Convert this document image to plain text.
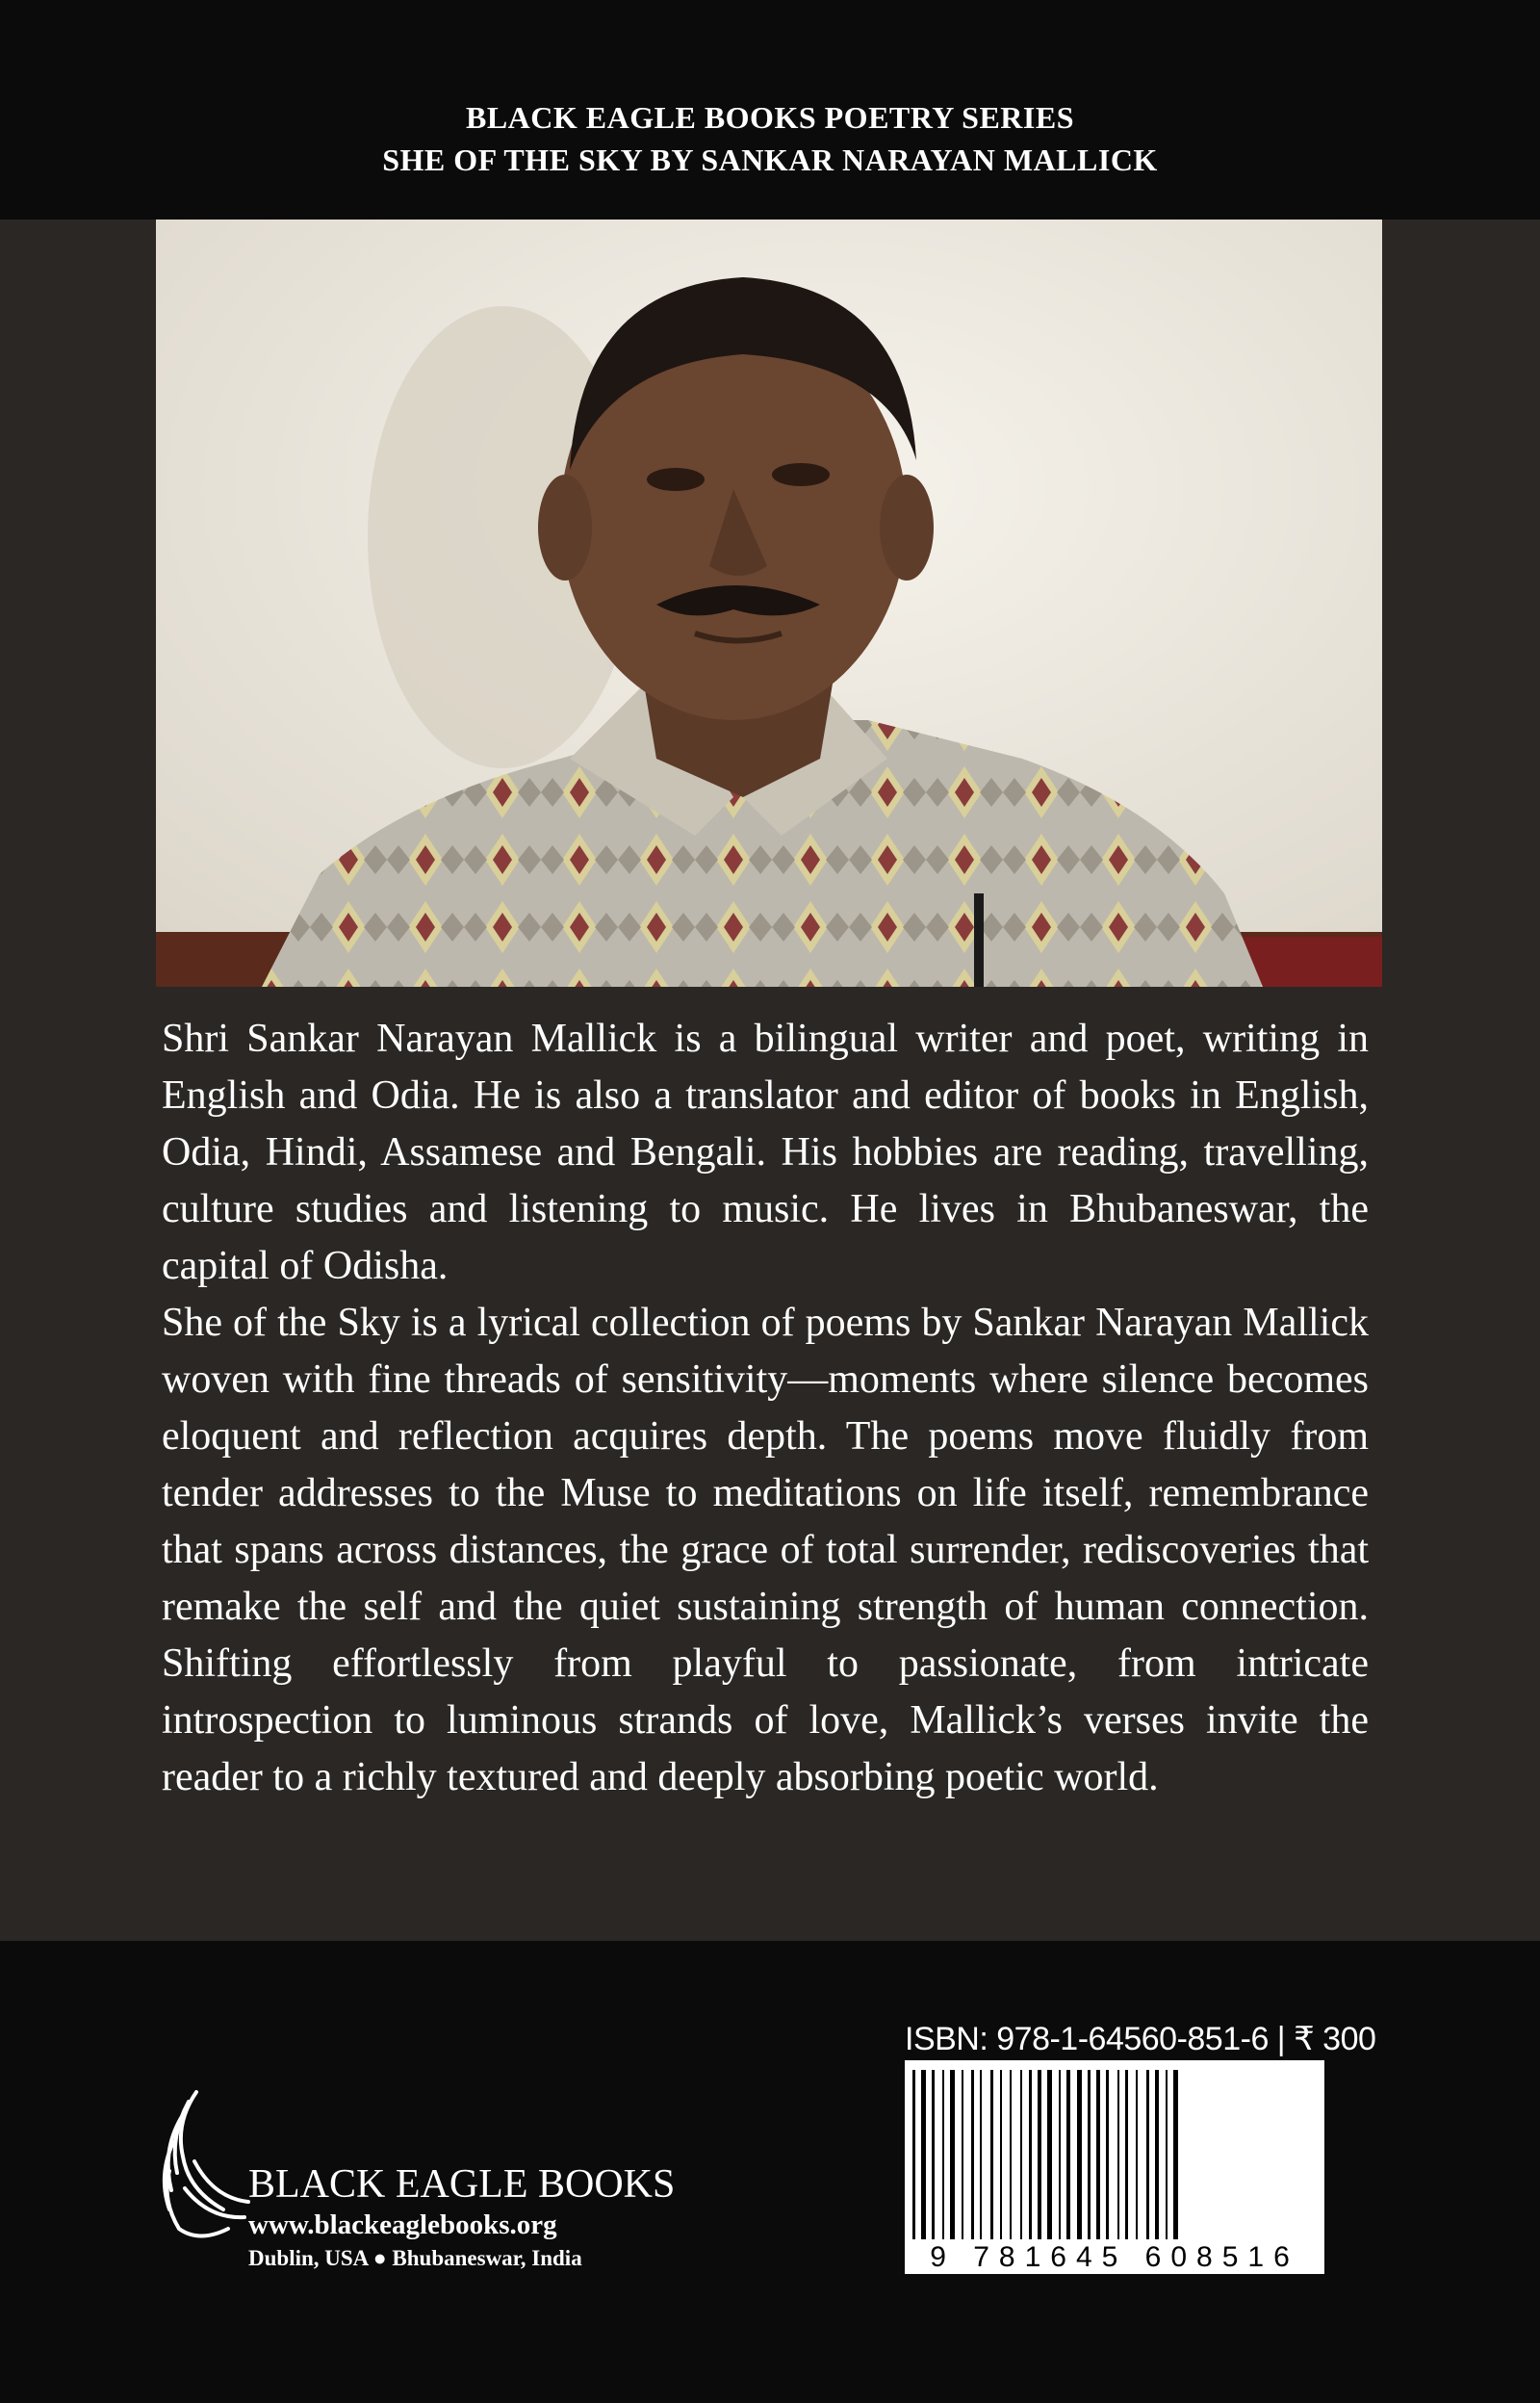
BLACK EAGLE BOOKS POETRY SERIES
SHE OF THE SKY BY SANKAR NARAYAN MALLICK

Shri Sankar Narayan Mallick is a bilingual writer and poet, writing in English and Odia. He is also a translator and editor of books in English, Odia, Hindi, Assamese and Bengali. His hobbies are reading, travelling, culture studies and listening to music. He lives in Bhubaneswar, the capital of Odisha.

She of the Sky is a lyrical collection of poems by Sankar Narayan Mallick woven with fine threads of sensitivity—moments where silence becomes eloquent and reflection acquires depth. The poems move fluidly from tender addresses to the Muse to meditations on life itself, remembrance that spans across distances, the grace of total surrender, rediscoveries that remake the self and the quiet sustaining strength of human connection. Shifting effortlessly from playful to passionate, from intricate introspection to luminous strands of love, Mallick’s verses invite the reader to a richly textured and deeply absorbing poetic world.

BLACK EAGLE BOOKS
www.blackeaglebooks.org
Dublin, USA ● Bhubaneswar, India
ISBN: 978-1-64560-851-6 | ₹ 300
9 781645 608516
